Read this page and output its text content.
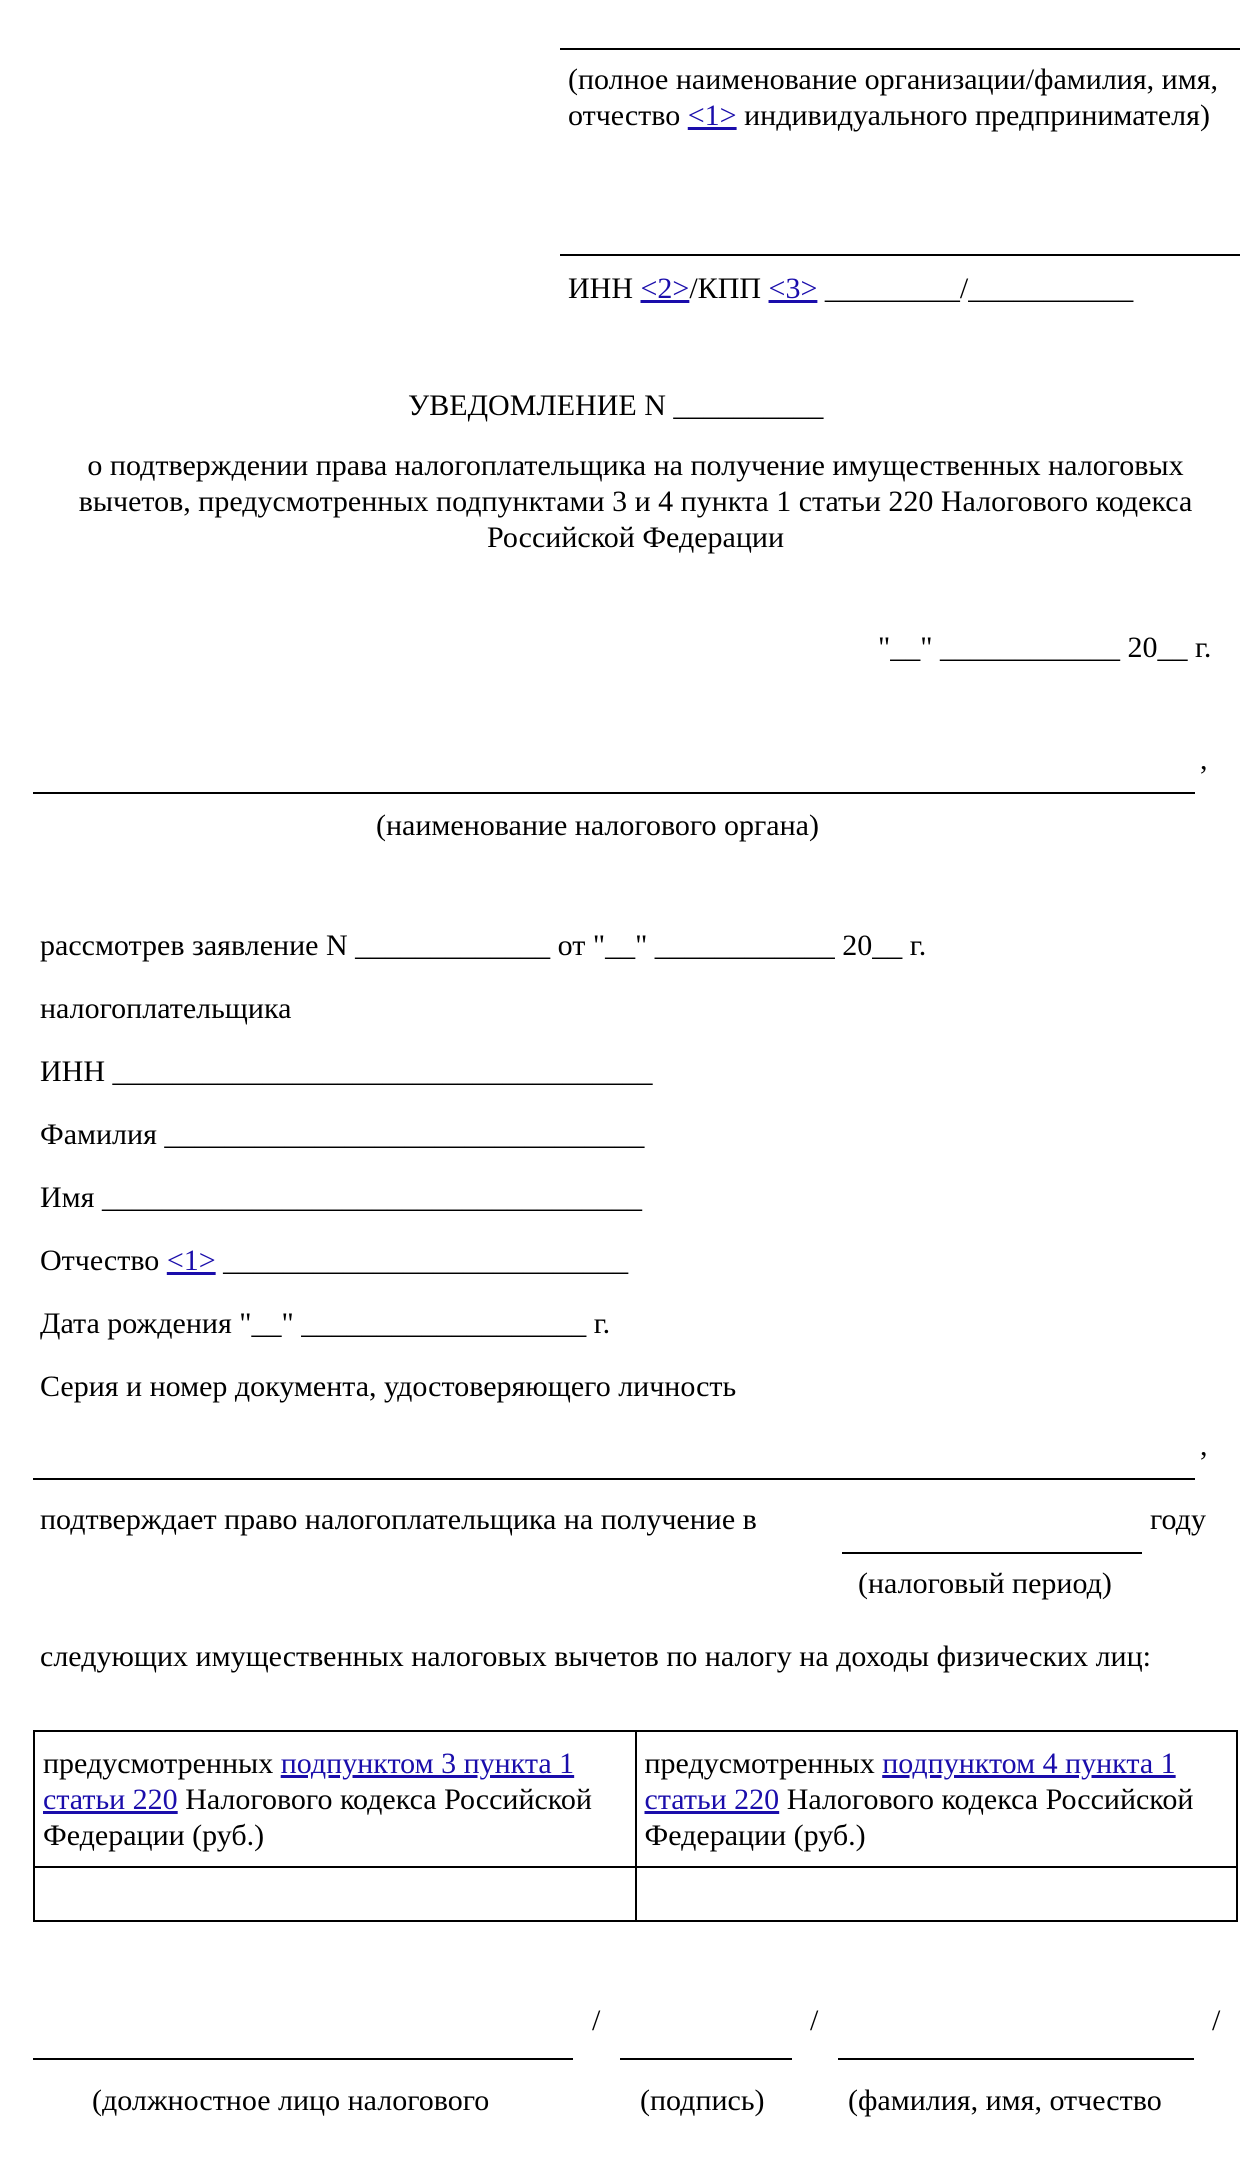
(полное наименование организации/фамилия, имя, отчество <1> индивидуального предпринимателя)
ИНН <2>/КПП <3> _________/___________
УВЕДОМЛЕНИЕ N __________
о подтверждении права налогоплательщика на получение имущественных налоговых вычетов, предусмотренных подпунктами 3 и 4 пункта 1 статьи 220 Налогового кодекса Российской Федерации
"__" ____________ 20__ г.
,
(наименование налогового органа)
рассмотрев заявление N _____________ от "__" ____________ 20__ г.
налогоплательщика
ИНН ____________________________________
Фамилия ________________________________
Имя ____________________________________
Отчество <1> ___________________________
Дата рождения "__" ___________________ г.
Серия и номер документа, удостоверяющего личность
,
подтверждает право налогоплательщика на получение в	году
(налоговый период)
следующих имущественных налоговых вычетов по налогу на доходы физических лиц:
предусмотренных подпунктом 3 пункта 1 статьи 220 Налогового кодекса Российской Федерации (руб.)	предусмотренных подпунктом 4 пункта 1 статьи 220 Налогового кодекса Российской Федерации (руб.)

/	/	/
(должностное лицо налогового	(подпись)	(фамилия, имя, отчество
